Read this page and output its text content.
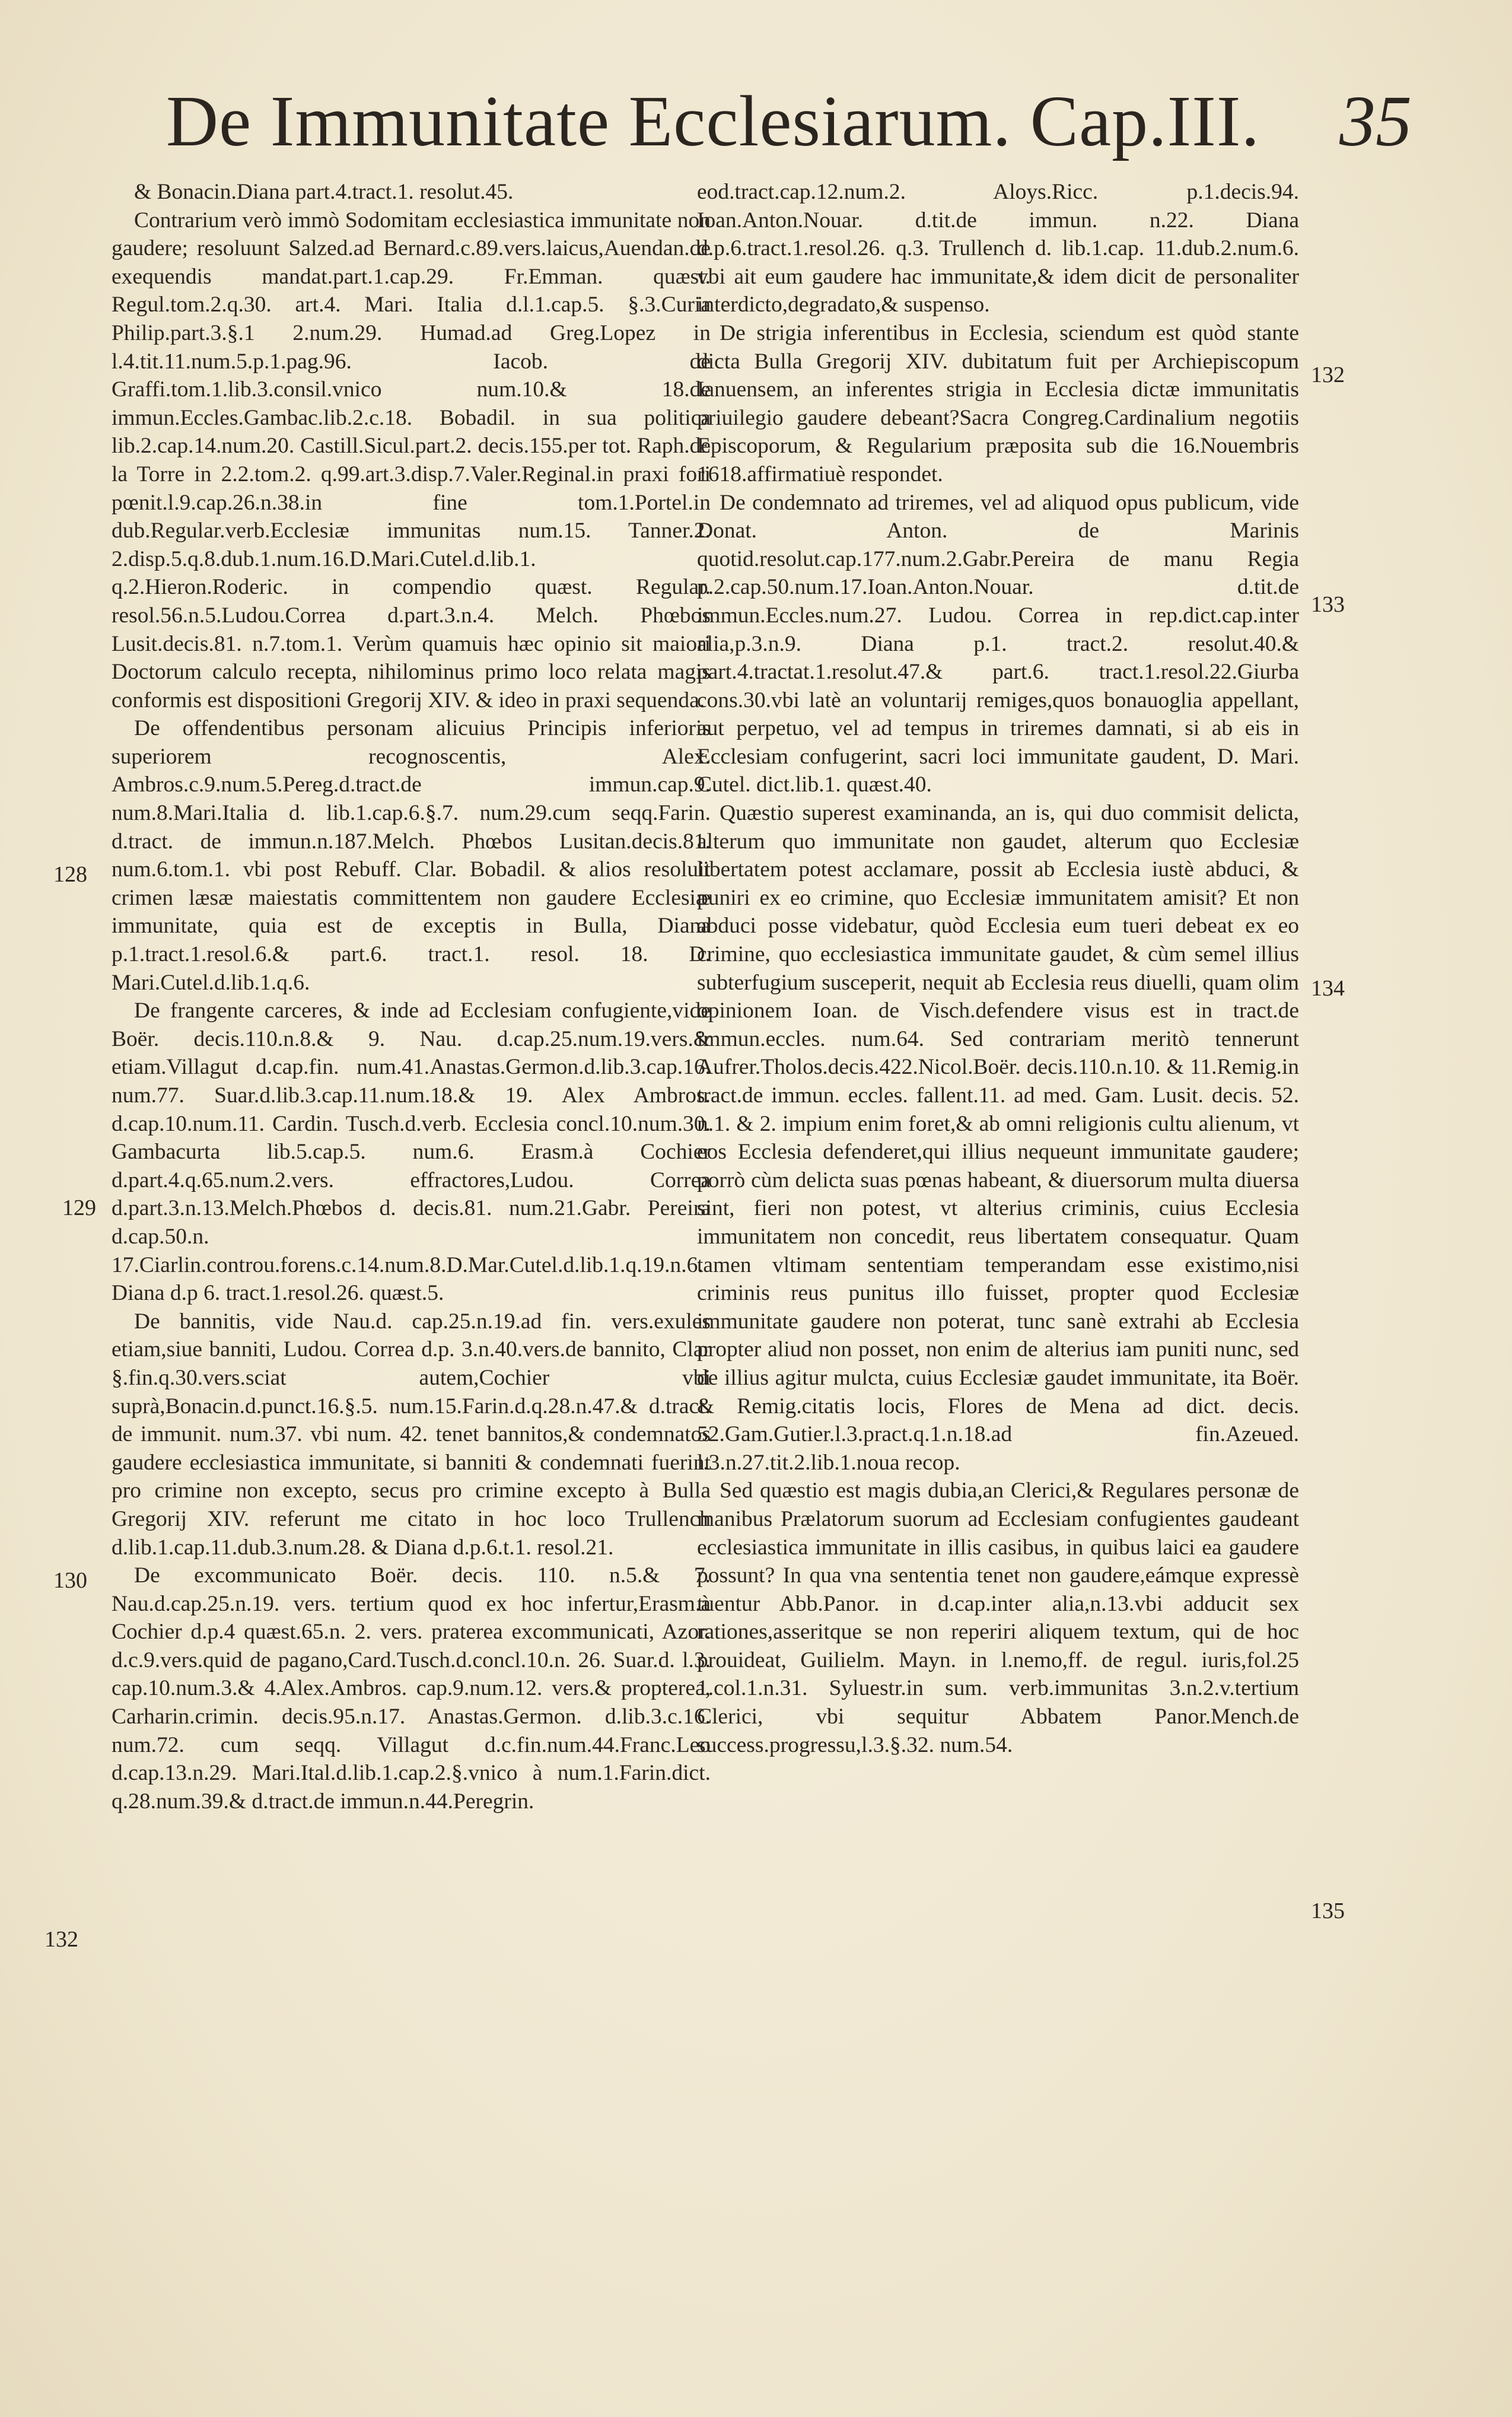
De Immunitate Ecclesiarum. Cap.III. 35

& Bonacin.Diana part.4.tract.1. resolut.45.

Contrarium verò immò Sodomitam ecclesiastica immunitate non gaudere; resoluunt Salzed.ad Bernard.c.89.vers.laicus,Auendan.de exequendis mandat.part.1.cap.29. Fr.Emman. quæst. Regul.tom.2.q.30. art.4. Mari. Italia d.l.1.cap.5. §.3.Curia Philip.part.3.§.1 2.num.29. Humad.ad Greg.Lopez in l.4.tit.11.num.5.p.1.pag.96. Iacob. de Graffi.tom.1.lib.3.consil.vnico num.10.& 18.de immun.Eccles.Gambac.lib.2.c.18. Bobadil. in sua politica lib.2.cap.14.num.20. Castill.Sicul.part.2. decis.155.per tot. Raph.de la Torre in 2.2.tom.2. q.99.art.3.disp.7.Valer.Reginal.in praxi fori pœnit.l.9.cap.26.n.38.in fine tom.1.Portel.in dub.Regular.verb.Ecclesiæ immunitas num.15. Tanner.2. 2.disp.5.q.8.dub.1.num.16.D.Mari.Cutel.d.lib.1. q.2.Hieron.Roderic. in compendio quæst. Regular. resol.56.n.5.Ludou.Correa d.part.3.n.4. Melch. Phœbos Lusit.decis.81. n.7.tom.1. Verùm quamuis hæc opinio sit maiori Doctorum calculo recepta, nihilominus primo loco relata magis conformis est dispositioni Gregorij XIV. & ideo in praxi sequenda.

De offendentibus personam alicuius Principis inferioris superiorem recognoscentis, Alex. Ambros.c.9.num.5.Pereg.d.tract.de immun.cap.9. num.8.Mari.Italia d. lib.1.cap.6.§.7. num.29.cum seqq.Farin. d.tract. de immun.n.187.Melch. Phœbos Lusitan.decis.81. num.6.tom.1. vbi post Rebuff. Clar. Bobadil. & alios resoluit crimen læsæ maiestatis committentem non gaudere Ecclesiæ immunitate, quia est de exceptis in Bulla, Diana p.1.tract.1.resol.6.& part.6. tract.1. resol. 18. D. Mari.Cutel.d.lib.1.q.6.

De frangente carceres, & inde ad Ecclesiam confugiente,vide Boër. decis.110.n.8.& 9. Nau. d.cap.25.num.19.vers.& etiam.Villagut d.cap.fin. num.41.Anastas.Germon.d.lib.3.cap.16. num.77. Suar.d.lib.3.cap.11.num.18.& 19. Alex Ambros. d.cap.10.num.11. Cardin. Tusch.d.verb. Ecclesia concl.10.num.30. Gambacurta lib.5.cap.5. num.6. Erasm.à Cochier d.part.4.q.65.num.2.vers. effractores,Ludou. Correa d.part.3.n.13.Melch.Phœbos d. decis.81. num.21.Gabr. Pereira d.cap.50.n. 17.Ciarlin.controu.forens.c.14.num.8.D.Mar.Cutel.d.lib.1.q.19.n.6. Diana d.p 6. tract.1.resol.26. quæst.5.

De bannitis, vide Nau.d. cap.25.n.19.ad fin. vers.exules etiam,siue banniti, Ludou. Correa d.p. 3.n.40.vers.de bannito, Clar §.fin.q.30.vers.sciat autem,Cochier vbi suprà,Bonacin.d.punct.16.§.5. num.15.Farin.d.q.28.n.47.& d.tract. de immunit. num.37. vbi num. 42. tenet bannitos,& condemnatos gaudere ecclesiastica immunitate, si banniti & condemnati fuerint pro crimine non excepto, secus pro crimine excepto à Bulla Gregorij XIV. referunt me citato in hoc loco Trullench d.lib.1.cap.11.dub.3.num.28. & Diana d.p.6.t.1. resol.21.

De excommunicato Boër. decis. 110. n.5.& 7. Nau.d.cap.25.n.19. vers. tertium quod ex hoc infertur,Erasm.à Cochier d.p.4 quæst.65.n. 2. vers. praterea excommunicati, Azor. d.c.9.vers.quid de pagano,Card.Tusch.d.concl.10.n. 26. Suar.d. l.3. cap.10.num.3.& 4.Alex.Ambros. cap.9.num.12. vers.& propterea, Carharin.crimin. decis.95.n.17. Anastas.Germon. d.lib.3.c.16. num.72. cum seqq. Villagut d.c.fin.num.44.Franc.Leo d.cap.13.n.29. Mari.Ital.d.lib.1.cap.2.§.vnico à num.1.Farin.dict. q.28.num.39.& d.tract.de immun.n.44.Peregrin.

eod.tract.cap.12.num.2. Aloys.Ricc. p.1.decis.94. Ioan.Anton.Nouar. d.tit.de immun. n.22. Diana d.p.6.tract.1.resol.26. q.3. Trullench d. lib.1.cap. 11.dub.2.num.6. vbi ait eum gaudere hac immunitate,& idem dicit de personaliter interdicto,degradato,& suspenso.

De strigia inferentibus in Ecclesia, sciendum est quòd stante dicta Bulla Gregorij XIV. dubitatum fuit per Archiepiscopum Ianuensem, an inferentes strigia in Ecclesia dictæ immunitatis priuilegio gaudere debeant?Sacra Congreg.Cardinalium negotiis Episcoporum, & Regularium præposita sub die 16.Nouembris 1618.affirmatiuè respondet.

De condemnato ad triremes, vel ad aliquod opus publicum, vide Donat. Anton. de Marinis quotid.resolut.cap.177.num.2.Gabr.Pereira de manu Regia p.2.cap.50.num.17.Ioan.Anton.Nouar. d.tit.de immun.Eccles.num.27. Ludou. Correa in rep.dict.cap.inter alia,p.3.n.9. Diana p.1. tract.2. resolut.40.& part.4.tractat.1.resolut.47.& part.6. tract.1.resol.22.Giurba cons.30.vbi latè an voluntarij remiges,quos bonauoglia appellant, aut perpetuo, vel ad tempus in triremes damnati, si ab eis in Ecclesiam confugerint, sacri loci immunitate gaudent, D. Mari. Cutel. dict.lib.1. quæst.40.

Quæstio superest examinanda, an is, qui duo commisit delicta, alterum quo immunitate non gaudet, alterum quo Ecclesiæ libertatem potest acclamare, possit ab Ecclesia iustè abduci, & puniri ex eo crimine, quo Ecclesiæ immunitatem amisit? Et non abduci posse videbatur, quòd Ecclesia eum tueri debeat ex eo crimine, quo ecclesiastica immunitate gaudet, & cùm semel illius subterfugium susceperit, nequit ab Ecclesia reus diuelli, quam olim opinionem Ioan. de Visch.defendere visus est in tract.de immun.eccles. num.64. Sed contrariam meritò tennerunt Aufrer.Tholos.decis.422.Nicol.Boër. decis.110.n.10. & 11.Remig.in tract.de immun. eccles. fallent.11. ad med. Gam. Lusit. decis. 52. n.1. & 2. impium enim foret,& ab omni religionis cultu alienum, vt eos Ecclesia defenderet,qui illius nequeunt immunitate gaudere; porrò cùm delicta suas pœnas habeant, & diuersorum multa diuersa sint, fieri non potest, vt alterius criminis, cuius Ecclesia immunitatem non concedit, reus libertatem consequatur. Quam tamen vltimam sententiam temperandam esse existimo,nisi criminis reus punitus illo fuisset, propter quod Ecclesiæ immunitate gaudere non poterat, tunc sanè extrahi ab Ecclesia propter aliud non posset, non enim de alterius iam puniti nunc, sed de illius agitur mulcta, cuius Ecclesiæ gaudet immunitate, ita Boër. & Remig.citatis locis, Flores de Mena ad dict. decis. 52.Gam.Gutier.l.3.pract.q.1.n.18.ad fin.Azeued. l.3.n.27.tit.2.lib.1.noua recop.

Sed quæstio est magis dubia,an Clerici,& Regulares personæ de manibus Prælatorum suorum ad Ecclesiam confugientes gaudeant ecclesiastica immunitate in illis casibus, in quibus laici ea gaudere possunt? In qua vna sententia tenet non gaudere,eámque expressè tuentur Abb.Panor. in d.cap.inter alia,n.13.vbi adducit sex rationes,asseritque se non reperiri aliquem textum, qui de hoc prouideat, Guilielm. Mayn. in l.nemo,ff. de regul. iuris,fol.25 1.col.1.n.31. Syluestr.in sum. verb.immunitas 3.n.2.v.tertium Clerici, vbi sequitur Abbatem Panor.Mench.de success.progressu,l.3.§.32. num.54.

128
129
130
132
132
133
134
135
